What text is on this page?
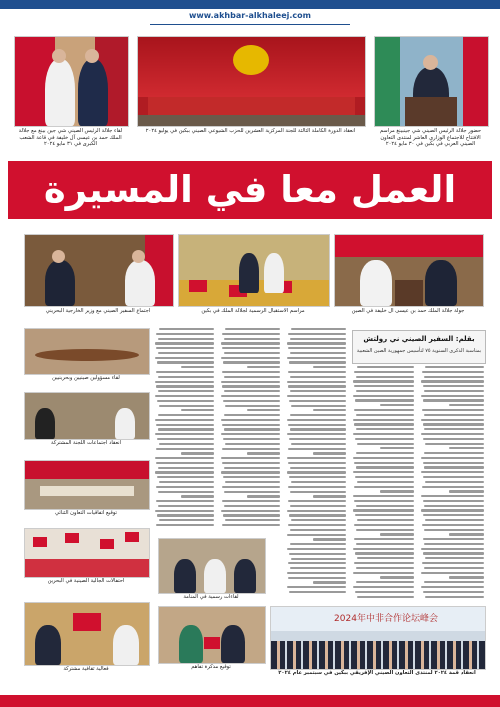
www.akhbar-alkhaleej.com
لقاء جلالة الرئيس الصيني شي جين بينغ مع جلالة الملك حمد بن عيسى آل خليفة في قاعة الشعب الكبرى في ٣١ مايو ٢٠٢٤
انعقاد الدورة الكاملة الثالثة للجنة المركزية العشرين للحزب الشيوعي الصيني ببكين في يوليو ٢٠٢٤	حضور جلالة الرئيس الصيني شي جينبينغ مراسم الافتتاح للاجتماع الوزاري العاشر لمنتدى التعاون الصيني العربي في بكين في ٣٠ مايو ٢٠٢٤
العمل معا في المسيرة
اجتماع السفير الصيني مع وزير الخارجية البحريني	مراسم الاستقبال الرسمية لجلالة الملك في بكين	جولة جلالة الملك حمد بن عيسى آل خليفة في الصين
لقاء مسؤولين صينيين وبحرينيين
انعقاد اجتماعات اللجنة المشتركة
توقيع اتفاقيات التعاون الثنائي
احتفالات الجالية الصينية في البحرين
فعالية ثقافية مشتركة
لقاءات رسمية في المنامة
توقيع مذكرة تفاهم
2024年中非合作论坛峰会
انعقاد قمة ٢٠٢٤ لمنتدى التعاون الصيني الإفريقي ببكين في سبتمبر عام ٢٠٢٤
بقلم: السفير الصيني ني رولتش
بمناسبة الذكرى السنوية ٧٥ لتأسيس جمهورية الصين الشعبية
